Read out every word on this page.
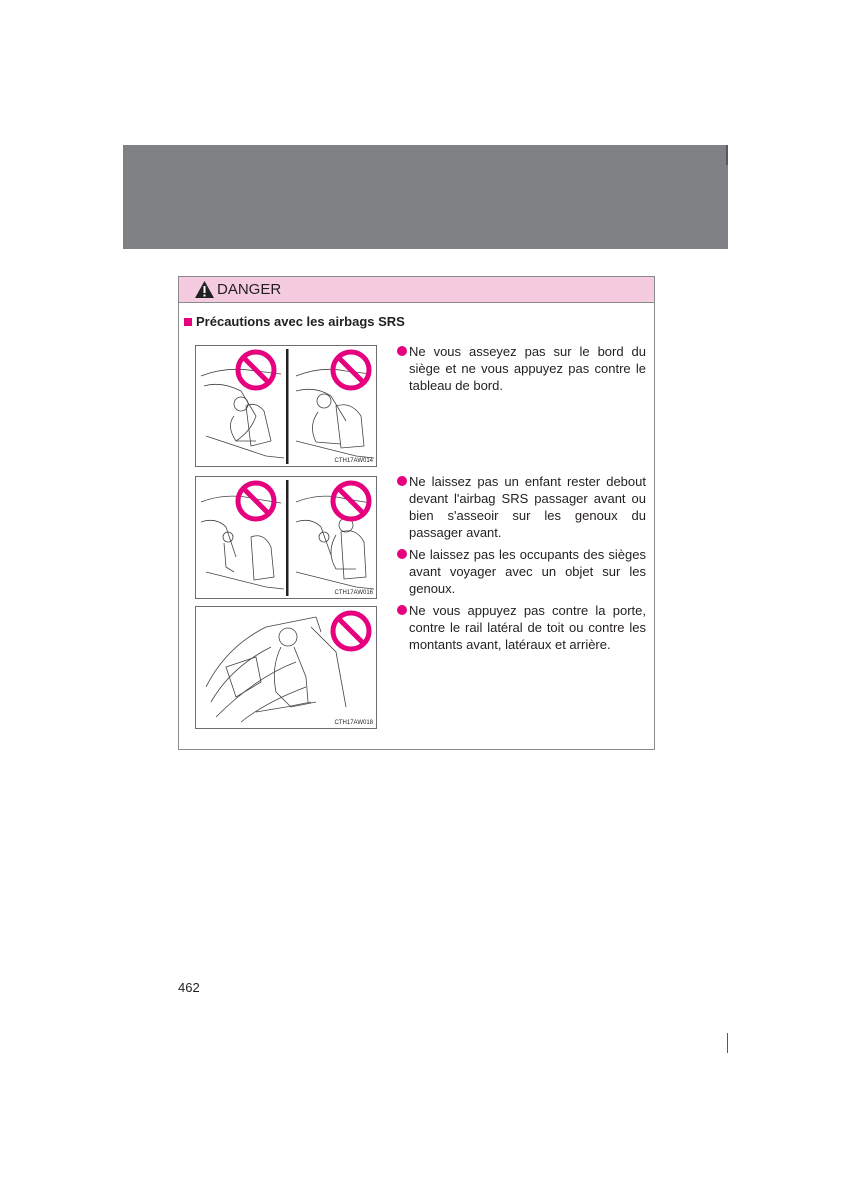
DANGER
Précautions avec les airbags SRS
CTH17AW014
CTH17AW016
CTH17AW018
Ne vous asseyez pas sur le bord du siège et ne vous appuyez pas contre le tableau de bord.
Ne laissez pas un enfant rester debout devant l'airbag SRS passager avant ou bien s'asseoir sur les genoux du passager avant.
Ne laissez pas les occupants des sièges avant voyager avec un objet sur les genoux.
Ne vous appuyez pas contre la porte, contre le rail latéral de toit ou contre les montants avant, latéraux et arrière.
462
